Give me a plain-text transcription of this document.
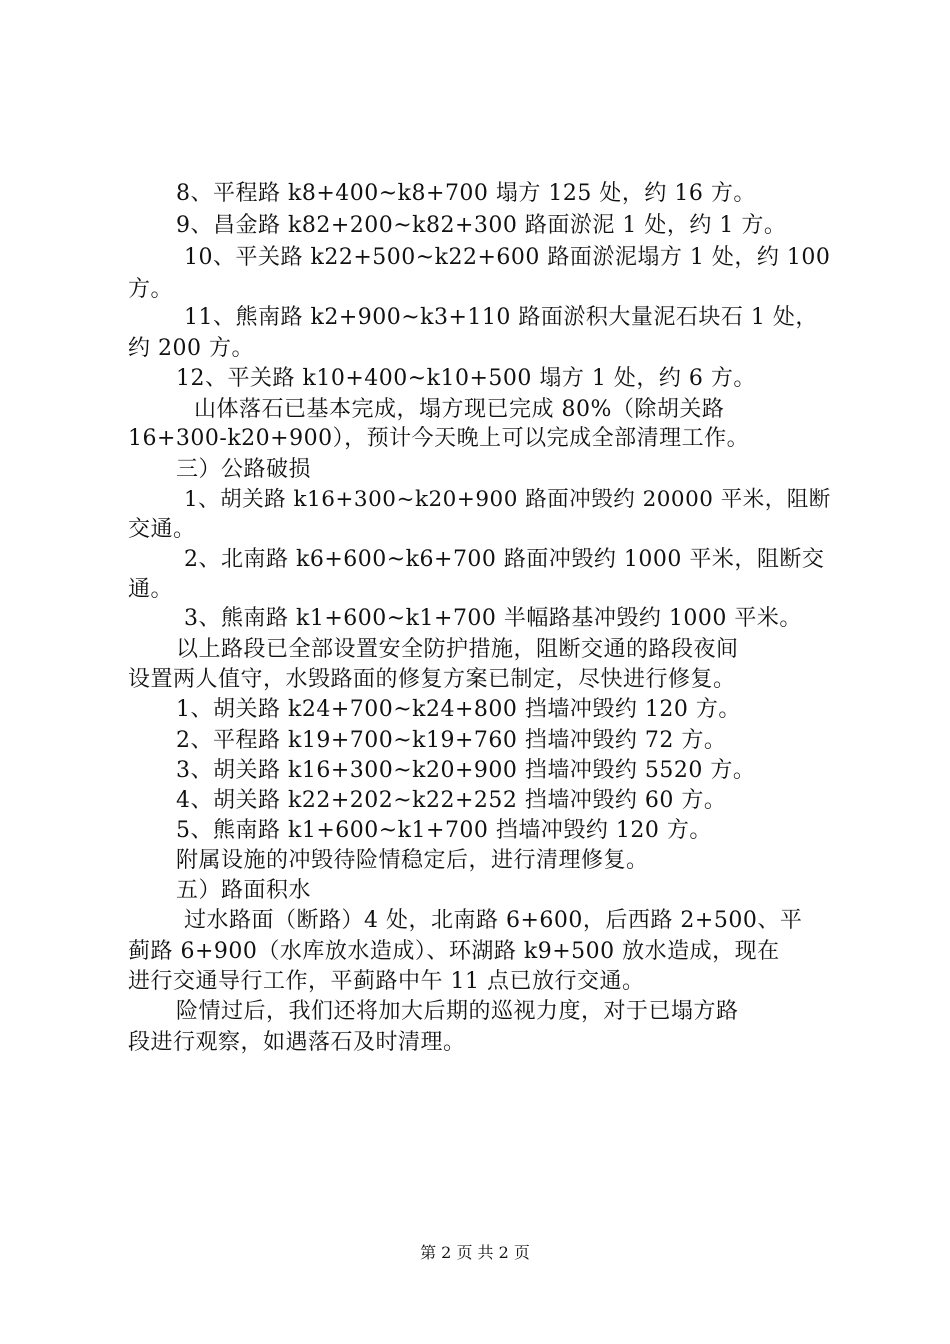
8、平程路 k8+400~k8+700 塌方 125 处，约 16 方。
9、昌金路 k82+200~k82+300 路面淤泥 1 处，约 1 方。
10、平关路 k22+500~k22+600 路面淤泥塌方 1 处，约 100
方。
11、熊南路 k2+900~k3+110 路面淤积大量泥石块石 1 处，
约 200 方。
12、平关路 k10+400~k10+500 塌方 1 处，约 6 方。
山体落石已基本完成，塌方现已完成 80%（除胡关路
16+300-k20+900），预计今天晚上可以完成全部清理工作。
三）公路破损
1、胡关路 k16+300~k20+900 路面冲毁约 20000 平米，阻断
交通。
2、北南路 k6+600~k6+700 路面冲毁约 1000 平米，阻断交
通。
3、熊南路 k1+600~k1+700 半幅路基冲毁约 1000 平米。
以上路段已全部设置安全防护措施，阻断交通的路段夜间
设置两人值守，水毁路面的修复方案已制定，尽快进行修复。
1、胡关路 k24+700~k24+800 挡墙冲毁约 120 方。
2、平程路 k19+700~k19+760 挡墙冲毁约 72 方。
3、胡关路 k16+300~k20+900 挡墙冲毁约 5520 方。
4、胡关路 k22+202~k22+252 挡墙冲毁约 60 方。
5、熊南路 k1+600~k1+700 挡墙冲毁约 120 方。
附属设施的冲毁待险情稳定后，进行清理修复。
五）路面积水
过水路面（断路）4 处，北南路 6+600，后西路 2+500、平
蓟路 6+900（水库放水造成）、环湖路 k9+500 放水造成，现在
进行交通导行工作，平蓟路中午 11 点已放行交通。
险情过后，我们还将加大后期的巡视力度，对于已塌方路
段进行观察，如遇落石及时清理。
第 2 页 共 2 页
